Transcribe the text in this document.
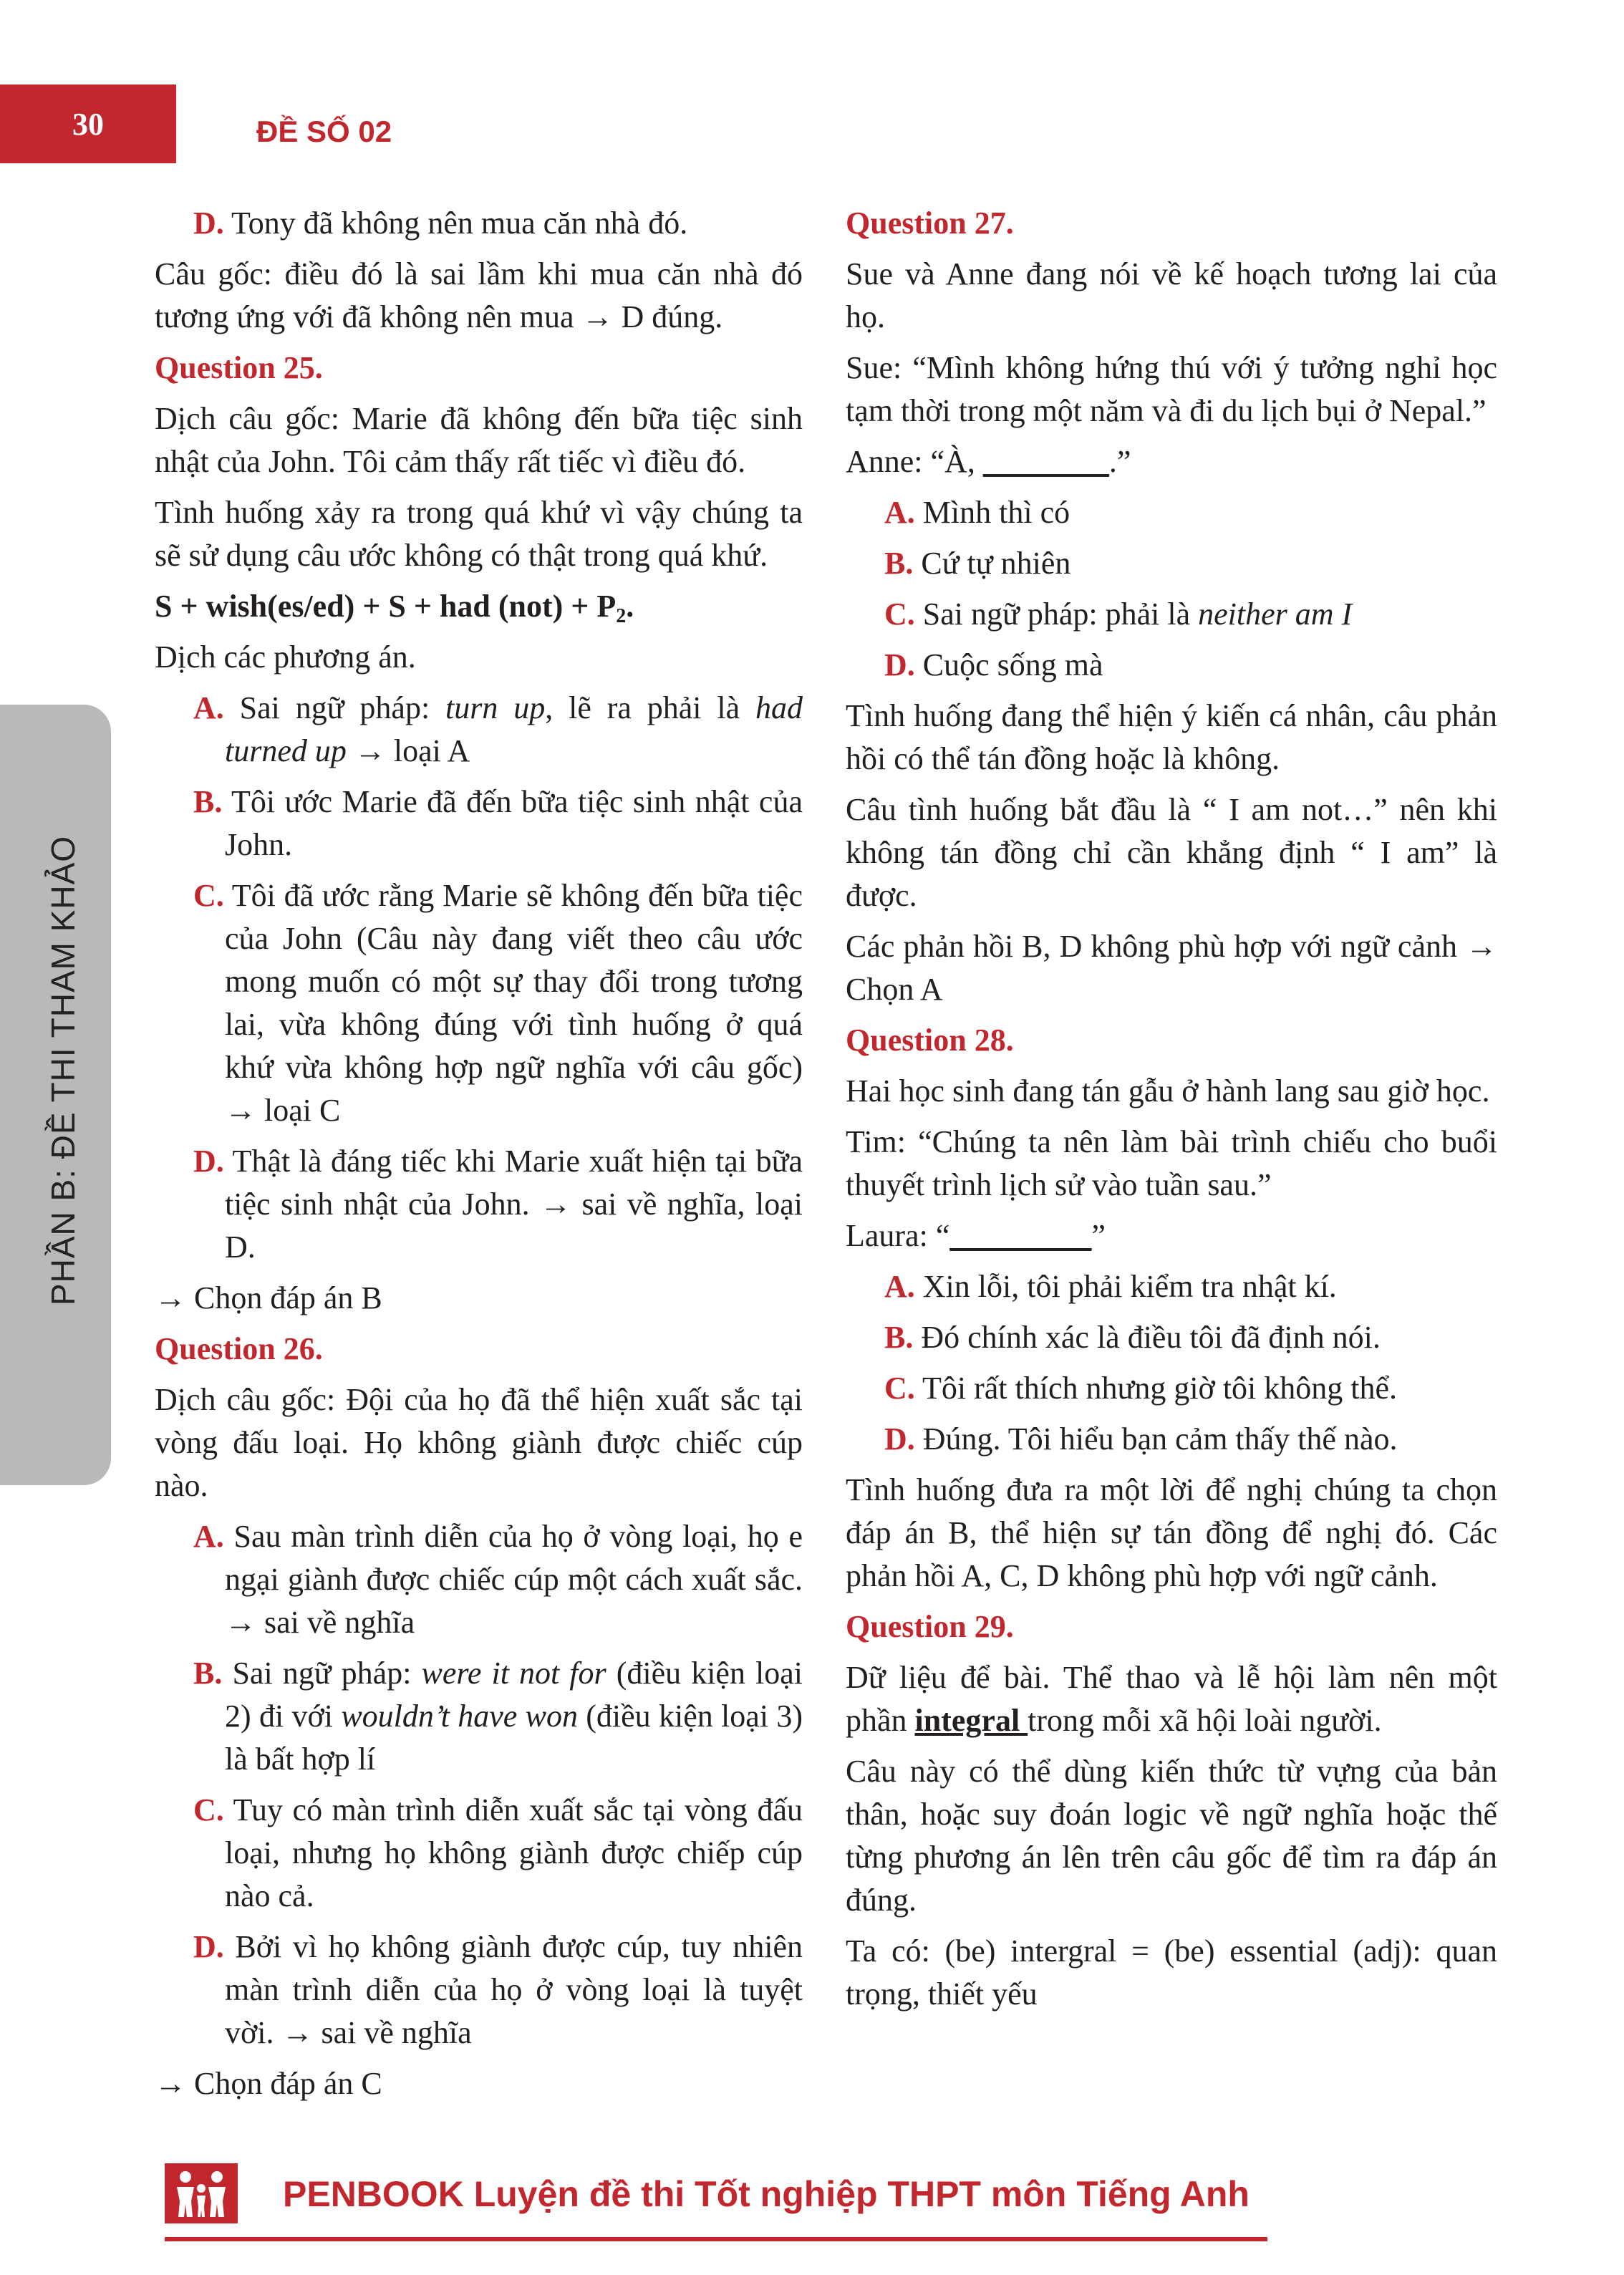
30	ĐỀ SỐ 02
PHẦN B: ĐỀ THI THAM KHẢO
D. Tony đã không nên mua căn nhà đó.

Câu gốc: điều đó là sai lầm khi mua căn nhà đó tương ứng với đã không nên mua → D đúng.

Question 25.

Dịch câu gốc: Marie đã không đến bữa tiệc sinh nhật của John. Tôi cảm thấy rất tiếc vì điều đó.

Tình huống xảy ra trong quá khứ vì vậy chúng ta sẽ sử dụng câu ước không có thật trong quá khứ.

S + wish(es/ed) + S + had $(not) + P_2$.

Dịch các phương án.

A. Sai ngữ pháp: turn up, lẽ ra phải là had turned up → loại A
B. Tôi ước Marie đã đến bữa tiệc sinh nhật của John.
C. Tôi đã ước rằng Marie sẽ không đến bữa tiệc của John (Câu này đang viết theo câu ước mong muốn có một sự thay đổi trong tương lai, vừa không đúng với tình huống ở quá khứ vừa không hợp ngữ nghĩa với câu gốc) → loại C
D. Thật là đáng tiếc khi Marie xuất hiện tại bữa tiệc sinh nhật của John. → sai về nghĩa, loại D.

→ Chọn đáp án B

Question 26.

Dịch câu gốc: Đội của họ đã thể hiện xuất sắc tại vòng đấu loại. Họ không giành được chiếc cúp nào.

A. Sau màn trình diễn của họ ở vòng loại, họ e ngại giành được chiếc cúp một cách xuất sắc. → sai về nghĩa
B. Sai ngữ pháp: were it not for (điều kiện loại 2) đi với wouldn’t have won (điều kiện loại 3) là bất hợp lí
C. Tuy có màn trình diễn xuất sắc tại vòng đấu loại, nhưng họ không giành được chiếp cúp nào cả.
D. Bởi vì họ không giành được cúp, tuy nhiên màn trình diễn của họ ở vòng loại là tuyệt vời. → sai về nghĩa

→ Chọn đáp án C

Question 27.

Sue và Anne đang nói về kế hoạch tương lai của họ.

Sue: “Mình không hứng thú với ý tưởng nghỉ học tạm thời trong một năm và đi du lịch bụi ở Nepal.”

Anne: “À, ________.”

A. Mình thì có
B. Cứ tự nhiên
C. Sai ngữ pháp: phải là neither am I
D. Cuộc sống mà

Tình huống đang thể hiện ý kiến cá nhân, câu phản hồi có thể tán đồng hoặc là không.

Câu tình huống bắt đầu là “ I am not…” nên khi không tán đồng chỉ cần khẳng định “ I am” là được.

Các phản hồi B, D không phù hợp với ngữ cảnh → Chọn A

Question 28.

Hai học sinh đang tán gẫu ở hành lang sau giờ học.

Tim: “Chúng ta nên làm bài trình chiếu cho buổi thuyết trình lịch sử vào tuần sau.”

Laura: “_________”

A. Xin lỗi, tôi phải kiểm tra nhật kí.
B. Đó chính xác là điều tôi đã định nói.
C. Tôi rất thích nhưng giờ tôi không thể.
D. Đúng. Tôi hiểu bạn cảm thấy thế nào.

Tình huống đưa ra một lời để nghị chúng ta chọn đáp án B, thể hiện sự tán đồng để nghị đó. Các phản hồi A, C, D không phù hợp với ngữ cảnh.

Question 29.

Dữ liệu để bài. Thể thao và lễ hội làm nên một phần integral trong mỗi xã hội loài người.

Câu này có thể dùng kiến thức từ vựng của bản thân, hoặc suy đoán logic về ngữ nghĩa hoặc thế từng phương án lên trên câu gốc để tìm ra đáp án đúng.

Ta có: (be) intergral = (be) essential (adj): quan trọng, thiết yếu

PENBOOK Luyện đề thi Tốt nghiệp THPT môn Tiếng Anh
